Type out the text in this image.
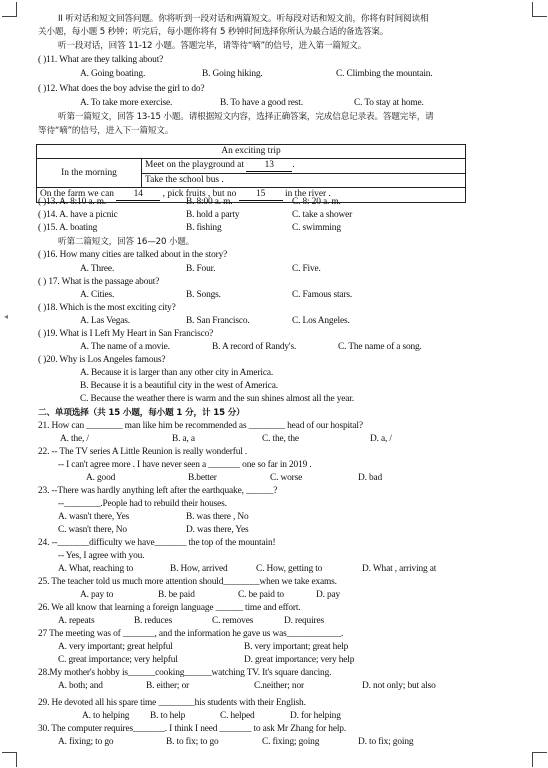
◂
II 听对话和短文回答问题。你将听到一段对话和两篇短文。听每段对话和短文前，你将有时间阅读相
关小题，每小题 5 秒钟；听完后，每小题你将有 5 秒钟时间选择你所认为最合适的备选答案。
听一段对话，回答 11-12 小题。答题完毕，请等待“嘀”的信号，进入第一篇短文。
( )11. What are they talking about?
A. Going boating.	B. Going hiking.	C. Climbing the mountain.
( )12. What does the boy advise the girl to do?
A. To take more exercise.	B. To have a good rest.	C. To stay at home.
听第一篇短文，回答 13-15 小题。请根据短文内容，选择正确答案，完成信息记录表。答题完毕，请
等待“嘀”的信号，进入下一篇短文。
An exciting trip
In the morning	Meet on the playground at 13 .
Take the school bus .
On the farm we can 14 , pick fruits , but no 15 in the river .
( )13. A. 8:10 a. m.	B. 8:00 a. m.	C. 8: 20 a. m.
( )14. A. have a picnic	B. hold a party	C. take a shower
( )15. A. boating	B. fishing	C. swimming
听第二篇短文，回答 16—20 小题。
( )16. How many cities are talked about in the story?
A. Three.	B. Four.	C. Five.
( ) 17. What is the passage about?
A. Cities.	B. Songs.	C. Famous stars.
( )18. Which is the most exciting city?
A. Las Vegas.	B. San Francisco.	C. Los Angeles.
( )19. What is I Left My Heart in San Francisco?
A. The name of a movie.	B. A record of Randy's.	C. The name of a song.
( )20. Why is Los Angeles famous?
A. Because it is larger than any other city in America.
B. Because it is a beautiful city in the west of America.
C. Because the weather there is warm and the sun shines almost all the year.
二、单项选择（共 15 小题，每小题 1 分，计 15 分）
21. How can ________ man like him be recommended as ________ head of our hospital?
A. the, /	B. a, a	C. the, the	D. a, /
22. -- The TV series A Little Reunion is really wonderful .
-- I can't agree more . I have never seen a _______ one so far in 2019 .
A. good	B.better	C. worse	D. bad
23. --There was hardly anything left after the earthquake, ______?
--________.People had to rebuild their houses.
A. wasn't there, Yes	B. was there , No
C. wasn't there, No	D. was there, Yes
24. --_______difficulty we have_______ the top of the mountain!
-- Yes, I agree with you.
A. What, reaching to	B. How, arrived	C. How, getting to	D. What , arriving at
25. The teacher told us much more attention should________when we take exams.
A. pay to	B. be paid	C. be paid to	D. pay
26. We all know that learning a foreign language ______ time and effort.
A. repeats	B. reduces	C. removes	D. requires
27 The meeting was of _______, and the information he gave us was____________.
A. very important; great helpful	B. very important; great help
C. great importance; very helpful	D. great importance; very help
28.My mother's hobby is______cooking______watching TV. It's square dancing.
A. both; and	B. either; or	C.neither; nor	D. not only; but also
29. He devoted all his spare time ________his students with their English.
A. to helping B. to help	C. helped	D. for helping
30. The computer requires_______. I think I need _______ to ask Mr Zhang for help.
A. fixing; to go	B. to fix; to go	C. fixing; going	D. to fix; going
